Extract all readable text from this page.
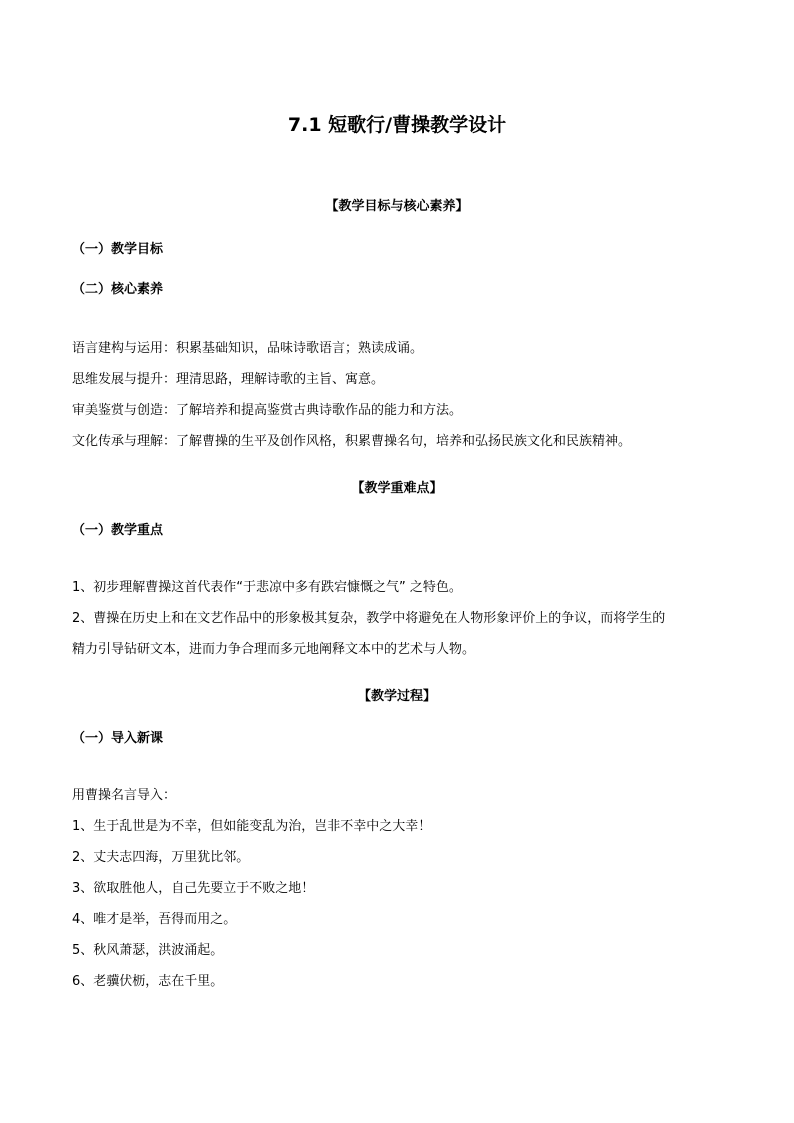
7.1 短歌行/曹操教学设计
【教学目标与核心素养】
（一）教学目标
（二）核心素养
语言建构与运用：积累基础知识，品味诗歌语言；熟读成诵。
思维发展与提升：理清思路，理解诗歌的主旨、寓意。
审美鉴赏与创造：了解培养和提高鉴赏古典诗歌作品的能力和方法。
文化传承与理解：了解曹操的生平及创作风格，积累曹操名句，培养和弘扬民族文化和民族精神。
【教学重难点】
（一）教学重点
1、初步理解曹操这首代表作“于悲凉中多有跌宕慷慨之气” 之特色。
2、曹操在历史上和在文艺作品中的形象极其复杂，教学中将避免在人物形象评价上的争议，而将学生的
精力引导钻研文本，进而力争合理而多元地阐释文本中的艺术与人物。
【教学过程】
（一）导入新课
用曹操名言导入：
1、生于乱世是为不幸，但如能变乱为治，岂非不幸中之大幸！
2、丈夫志四海，万里犹比邻。
3、欲取胜他人，自己先要立于不败之地！
4、唯才是举，吾得而用之。
5、秋风萧瑟，洪波涌起。
6、老骥伏枥，志在千里。
